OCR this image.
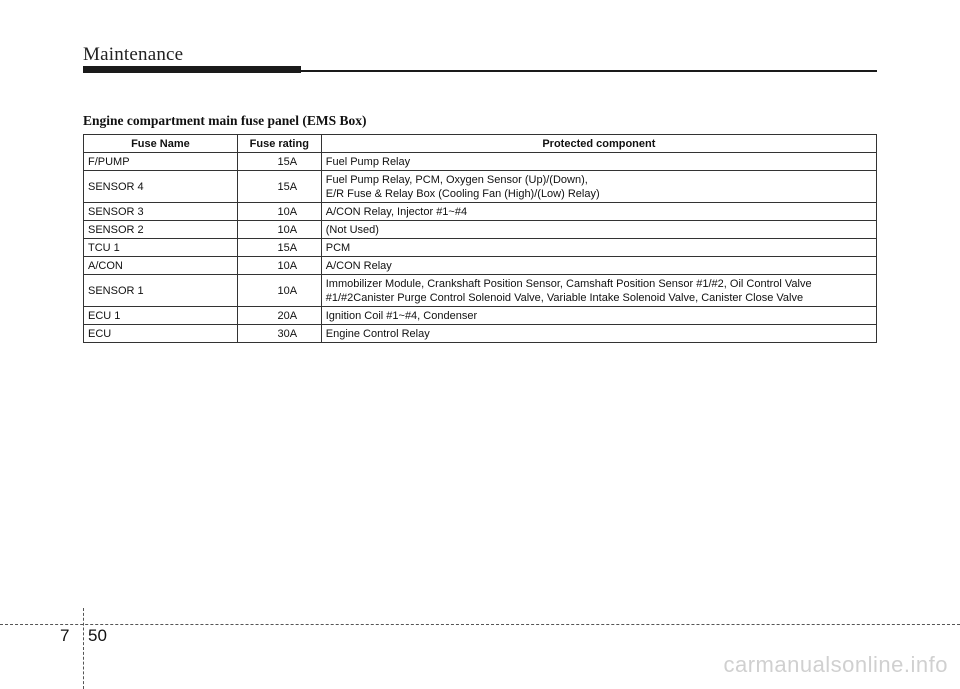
Maintenance
Engine compartment main fuse panel (EMS Box)
Fuse Name	Fuse rating	Protected component
F/PUMP	15A	Fuel Pump Relay
SENSOR 4	15A	Fuel Pump Relay, PCM, Oxygen Sensor (Up)/(Down),
E/R Fuse & Relay Box (Cooling Fan (High)/(Low) Relay)
SENSOR 3	10A	A/CON Relay, Injector #1~#4
SENSOR 2	10A	(Not Used)
TCU 1	15A	PCM
A/CON	10A	A/CON Relay
SENSOR 1	10A	Immobilizer Module, Crankshaft Position Sensor, Camshaft Position Sensor #1/#2, Oil Control Valve
#1/#2Canister Purge Control Solenoid Valve, Variable Intake Solenoid Valve, Canister Close Valve
ECU 1	20A	Ignition Coil #1~#4, Condenser
ECU	30A	Engine Control Relay
7 50
carmanualsonline.info
